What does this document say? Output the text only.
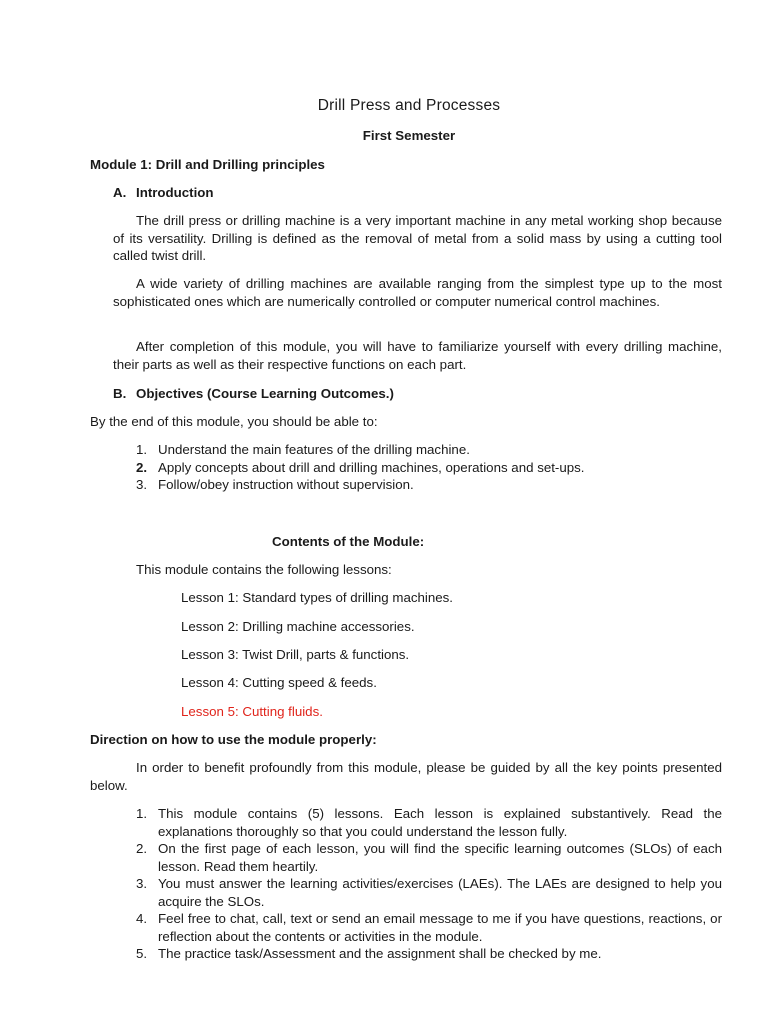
Drill Press and Processes
First Semester
Module 1: Drill and Drilling principles
A. Introduction

The drill press or drilling machine is a very important machine in any metal working shop because of its versatility. Drilling is defined as the removal of metal from a solid mass by using a cutting tool called twist drill.

A wide variety of drilling machines are available ranging from the simplest type up to the most sophisticated ones which are numerically controlled or computer numerical control machines.

After completion of this module, you will have to familiarize yourself with every drilling machine, their parts as well as their respective functions on each part.

B. Objectives (Course Learning Outcomes.)
By the end of this module, you should be able to:
1. Understand the main features of the drilling machine.
2. Apply concepts about drill and drilling machines, operations and set-ups.
3. Follow/obey instruction without supervision.
Contents of the Module:
This module contains the following lessons:
Lesson 1: Standard types of drilling machines.
Lesson 2: Drilling machine accessories.
Lesson 3: Twist Drill, parts & functions.
Lesson 4: Cutting speed & feeds.
Lesson 5: Cutting fluids.
Direction on how to use the module properly:

In order to benefit profoundly from this module, please be guided by all the key points presented below.

1. This module contains (5) lessons. Each lesson is explained substantively. Read the explanations thoroughly so that you could understand the lesson fully.
2. On the first page of each lesson, you will find the specific learning outcomes (SLOs) of each lesson. Read them heartily.
3. You must answer the learning activities/exercises (LAEs). The LAEs are designed to help you acquire the SLOs.
4. Feel free to chat, call, text or send an email message to me if you have questions, reactions, or reflection about the contents or activities in the module.
5. The practice task/Assessment and the assignment shall be checked by me.
